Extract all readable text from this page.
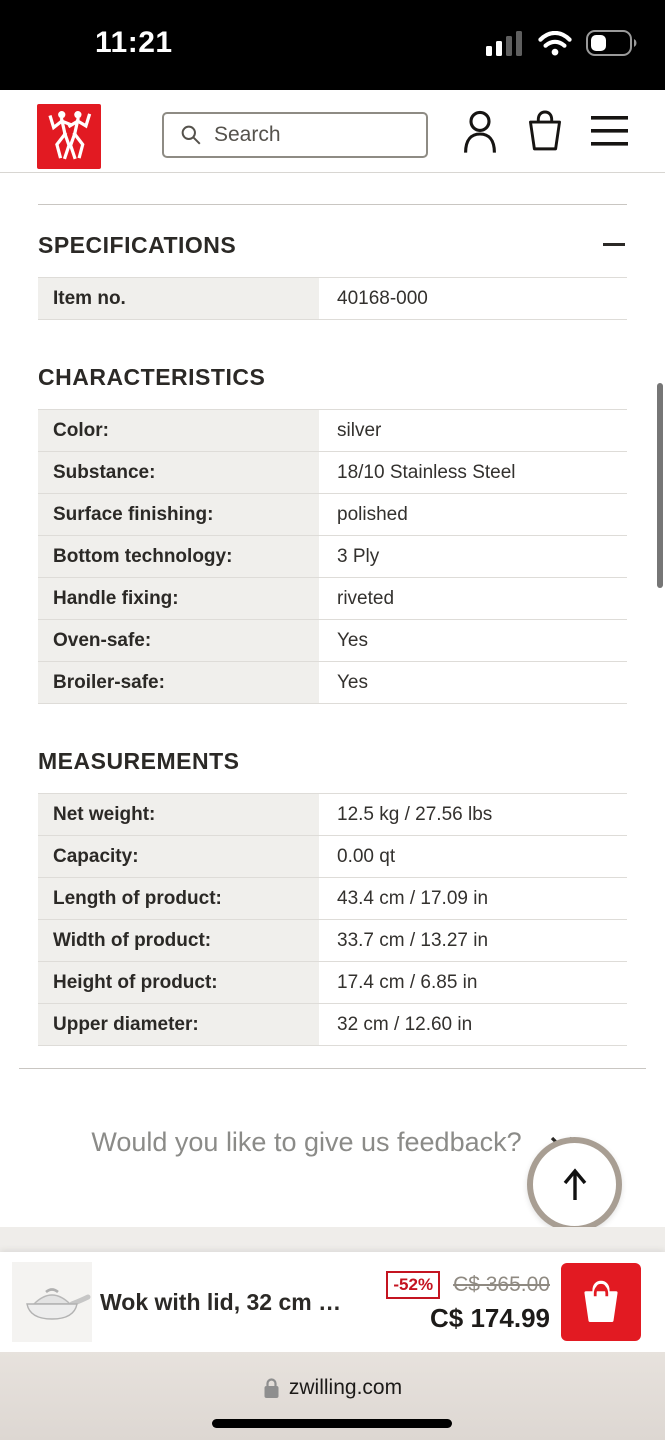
11:21
Search
SPECIFICATIONS
Item no.	40168-000
CHARACTERISTICS
Color:	silver
Substance:	18/10 Stainless Steel
Surface finishing:	polished
Bottom technology:	3 Ply
Handle fixing:	riveted
Oven-safe:	Yes
Broiler-safe:	Yes
MEASUREMENTS
Net weight:	12.5 kg / 27.56 lbs
Capacity:	0.00 qt
Length of product:	43.4 cm / 17.09 in
Width of product:	33.7 cm / 13.27 in
Height of product:	17.4 cm / 6.85 in
Upper diameter:	32 cm / 12.60 in
Would you like to give us feedback?
Wok with lid, 32 cm …
-52% C$ 365.00
C$ 174.99
zwilling.com
